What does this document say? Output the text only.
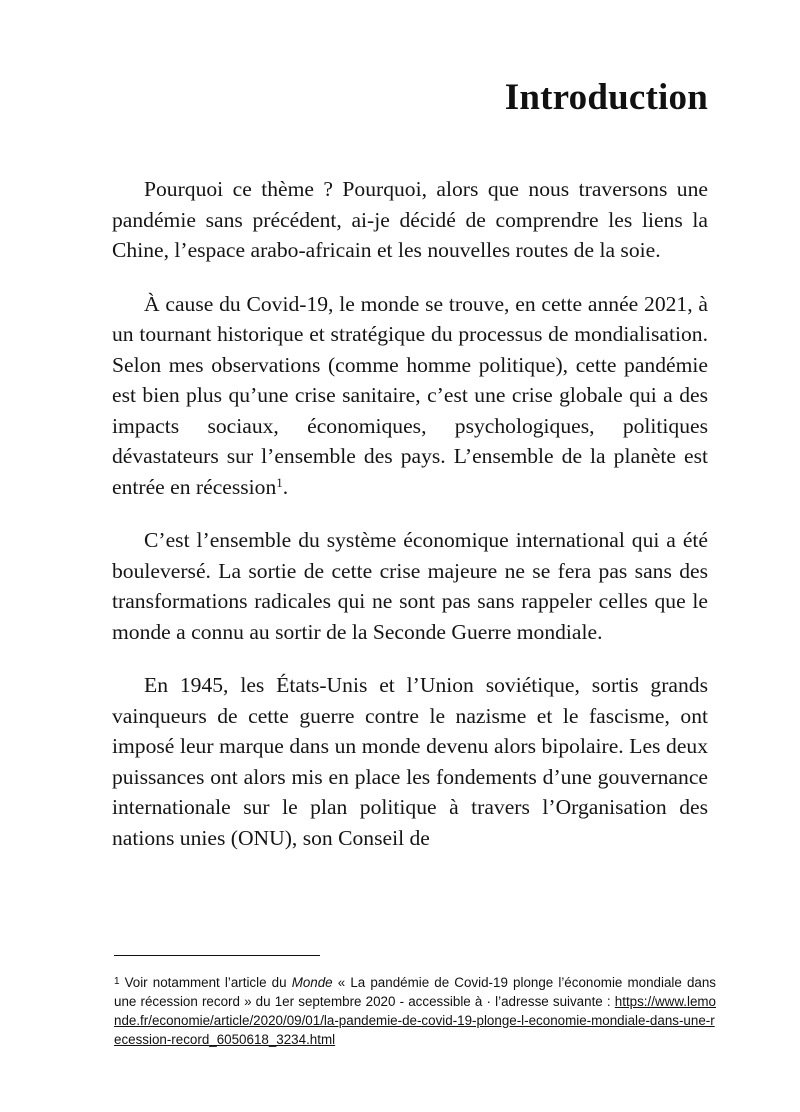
Introduction

Pourquoi ce thème ? Pourquoi, alors que nous traversons une pandémie sans précédent, ai-je décidé de comprendre les liens la Chine, l’espace arabo-africain et les nouvelles routes de la soie.

À cause du Covid-19, le monde se trouve, en cette année 2021, à un tournant historique et stratégique du processus de mondialisation. Selon mes observations (comme homme politique), cette pandémie est bien plus qu’une crise sanitaire, c’est une crise globale qui a des impacts sociaux, économiques, psychologiques, politiques dévastateurs sur l’ensemble des pays. L’ensemble de la planète est entrée en récession$^1$.

C’est l’ensemble du système économique international qui a été bouleversé. La sortie de cette crise majeure ne se fera pas sans des transformations radicales qui ne sont pas sans rappeler celles que le monde a connu au sortir de la Seconde Guerre mondiale.

En 1945, les États-Unis et l’Union soviétique, sortis grands vainqueurs de cette guerre contre le nazisme et le fascisme, ont imposé leur marque dans un monde devenu alors bipolaire. Les deux puissances ont alors mis en place les fondements d’une gouvernance internationale sur le plan politique à travers l’Organisation des nations unies (ONU), son Conseil de

$^1$ Voir notamment l’article du Monde « La pandémie de Covid-19 plonge l’économie mondiale dans une récession record » du 1er septembre 2020 - accessible à · l’adresse suivante : https://www.lemonde.fr/economie/article/2020/09/01/la-pandemie-de-covid-19-plonge-l-economie-mondiale-dans-une-recession-record_6050618_3234.html
